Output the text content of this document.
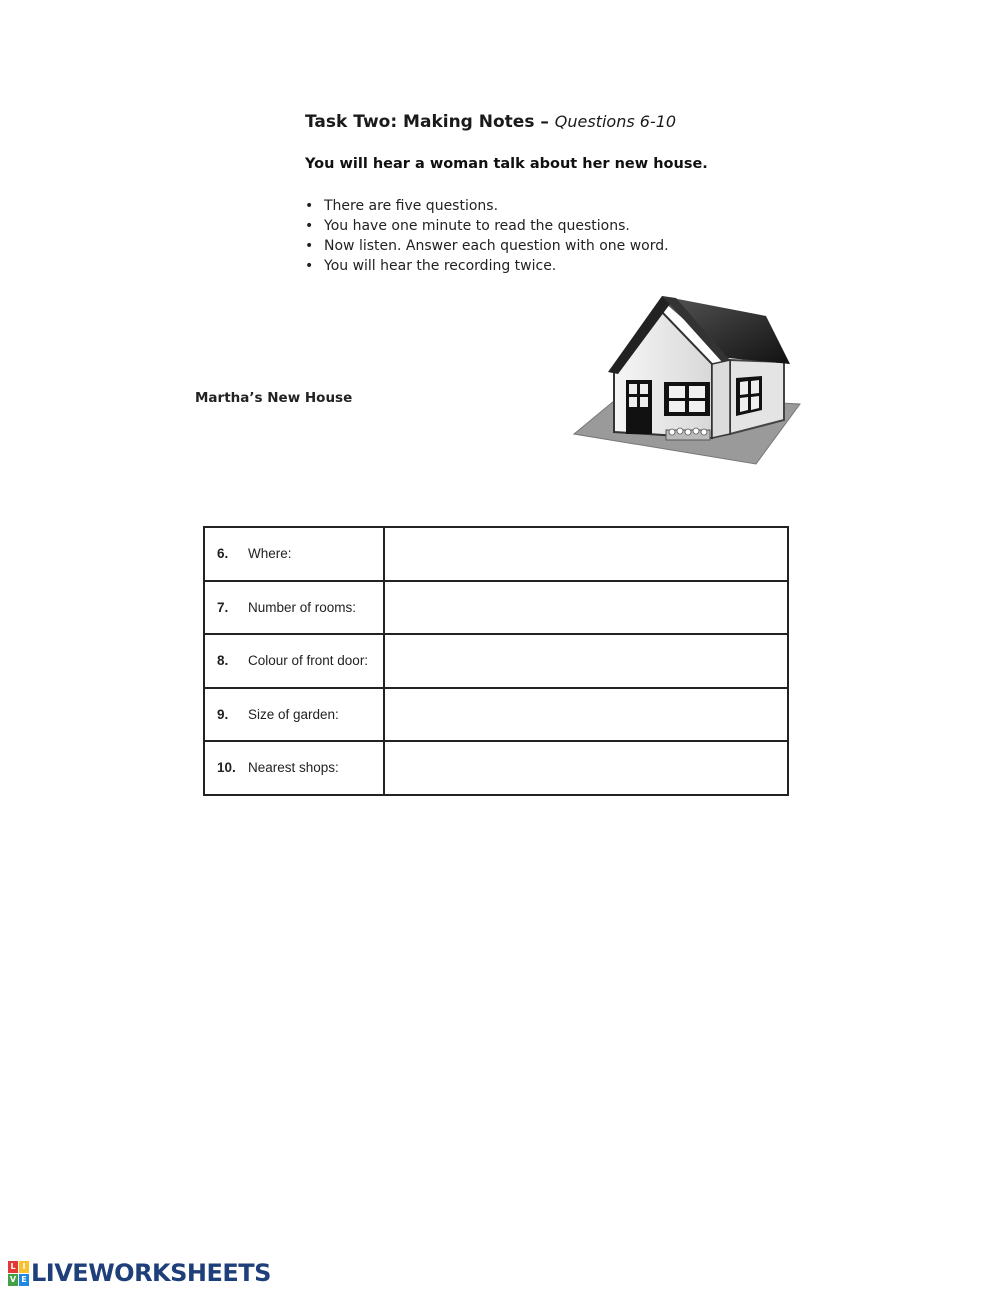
Task Two: Making Notes – Questions 6-10
You will hear a woman talk about her new house.
• There are five questions.
• You have one minute to read the questions.
• Now listen. Answer each question with one word.
• You will hear the recording twice.
Martha’s New House
6. Where:	
7. Number of rooms:	
8. Colour of front door:	
9. Size of garden:	
10. Nearest shops:	
L I
V E LIVEWORKSHEETS
